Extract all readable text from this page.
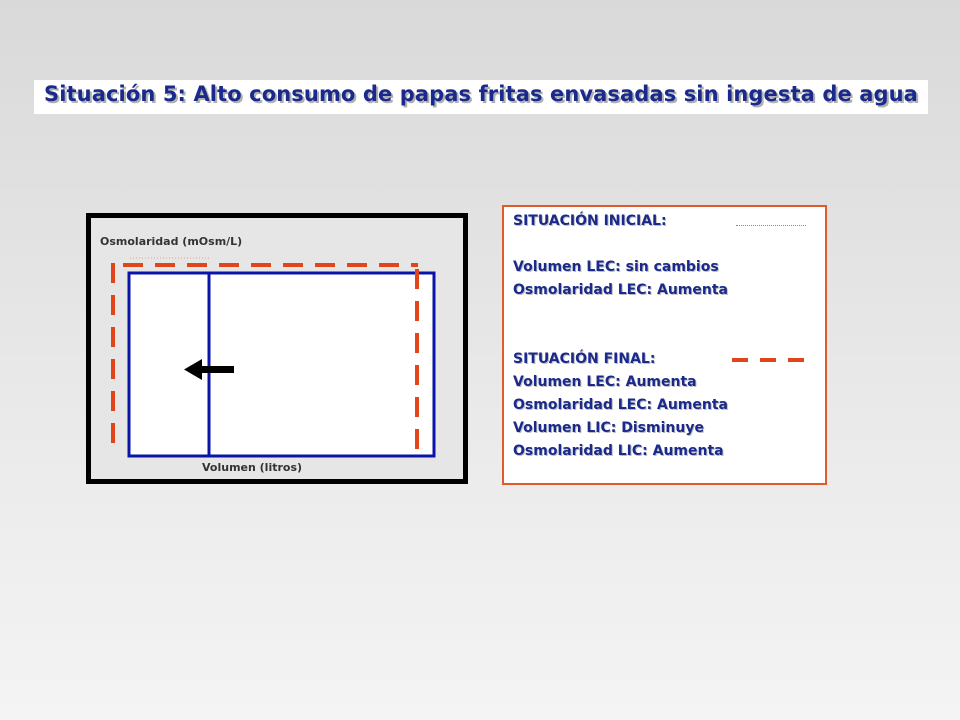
Situación 5: Alto consumo de papas fritas envasadas sin ingesta de agua
Osmolaridad (mOsm/L)
Volumen (litros)
SITUACIÓN INICIAL:
Volumen LEC: sin cambios
Osmolaridad LEC: Aumenta
SITUACIÓN FINAL:
Volumen LEC: Aumenta
Osmolaridad LEC: Aumenta
Volumen LIC: Disminuye
Osmolaridad LIC: Aumenta
